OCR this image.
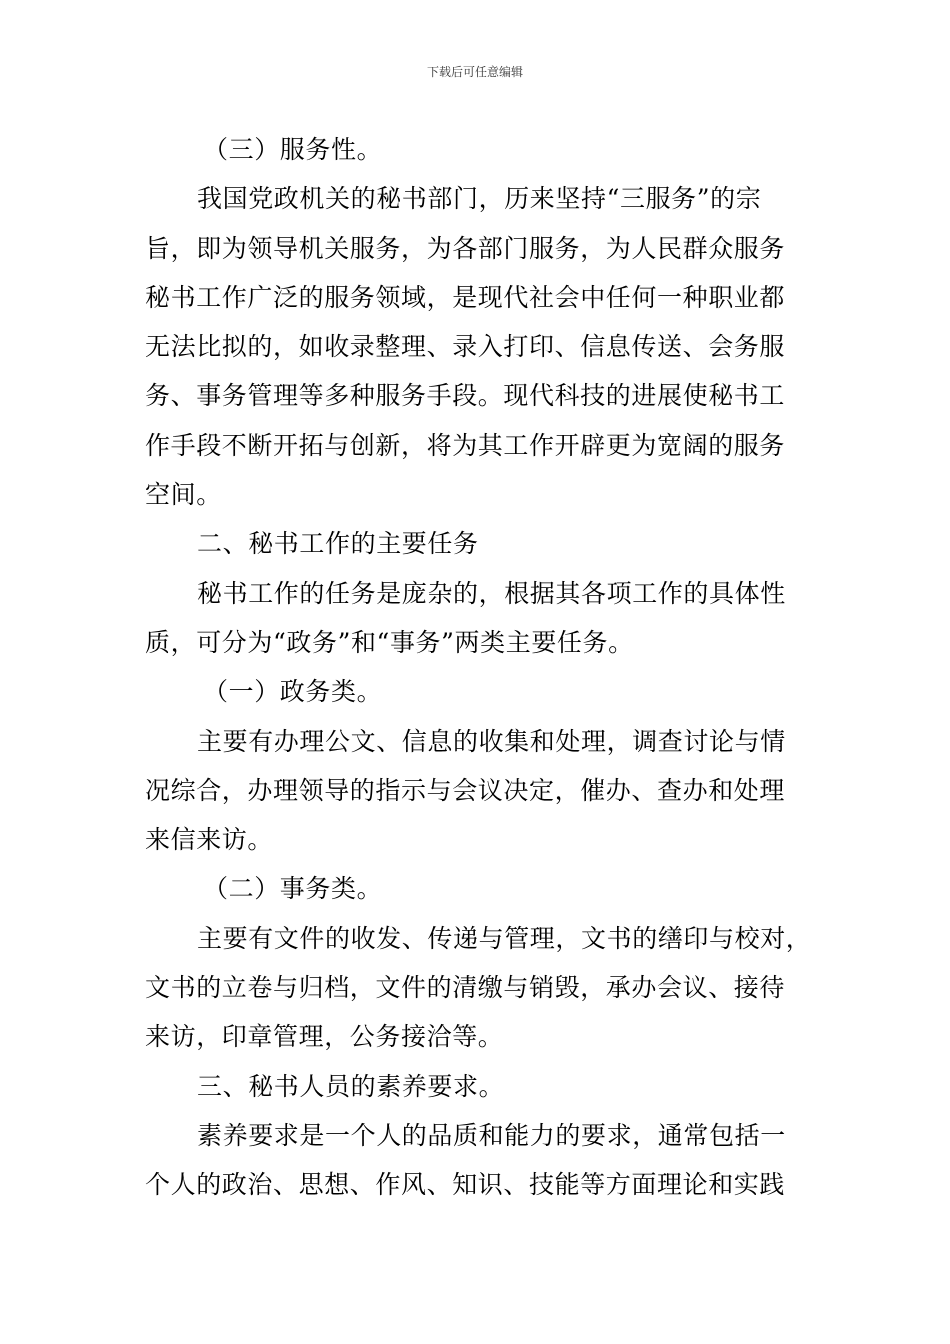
下载后可任意编辑

（三）服务性。

我国党政机关的秘书部门，历来坚持“三服务”的宗
旨，即为领导机关服务，为各部门服务，为人民群众服务
秘书工作广泛的服务领域，是现代社会中任何一种职业都
无法比拟的，如收录整理、录入打印、信息传送、会务服
务、事务管理等多种服务手段。现代科技的进展使秘书工
作手段不断开拓与创新，将为其工作开辟更为宽阔的服务
空间。

二、秘书工作的主要任务

秘书工作的任务是庞杂的，根据其各项工作的具体性
质，可分为“政务”和“事务”两类主要任务。

（一）政务类。

主要有办理公文、信息的收集和处理，调查讨论与情
况综合，办理领导的指示与会议决定，催办、查办和处理
来信来访。

（二）事务类。

主要有文件的收发、传递与管理，文书的缮印与校对，
文书的立卷与归档，文件的清缴与销毁，承办会议、接待
来访，印章管理，公务接洽等。

三、秘书人员的素养要求。

素养要求是一个人的品质和能力的要求，通常包括一
个人的政治、思想、作风、知识、技能等方面理论和实践
